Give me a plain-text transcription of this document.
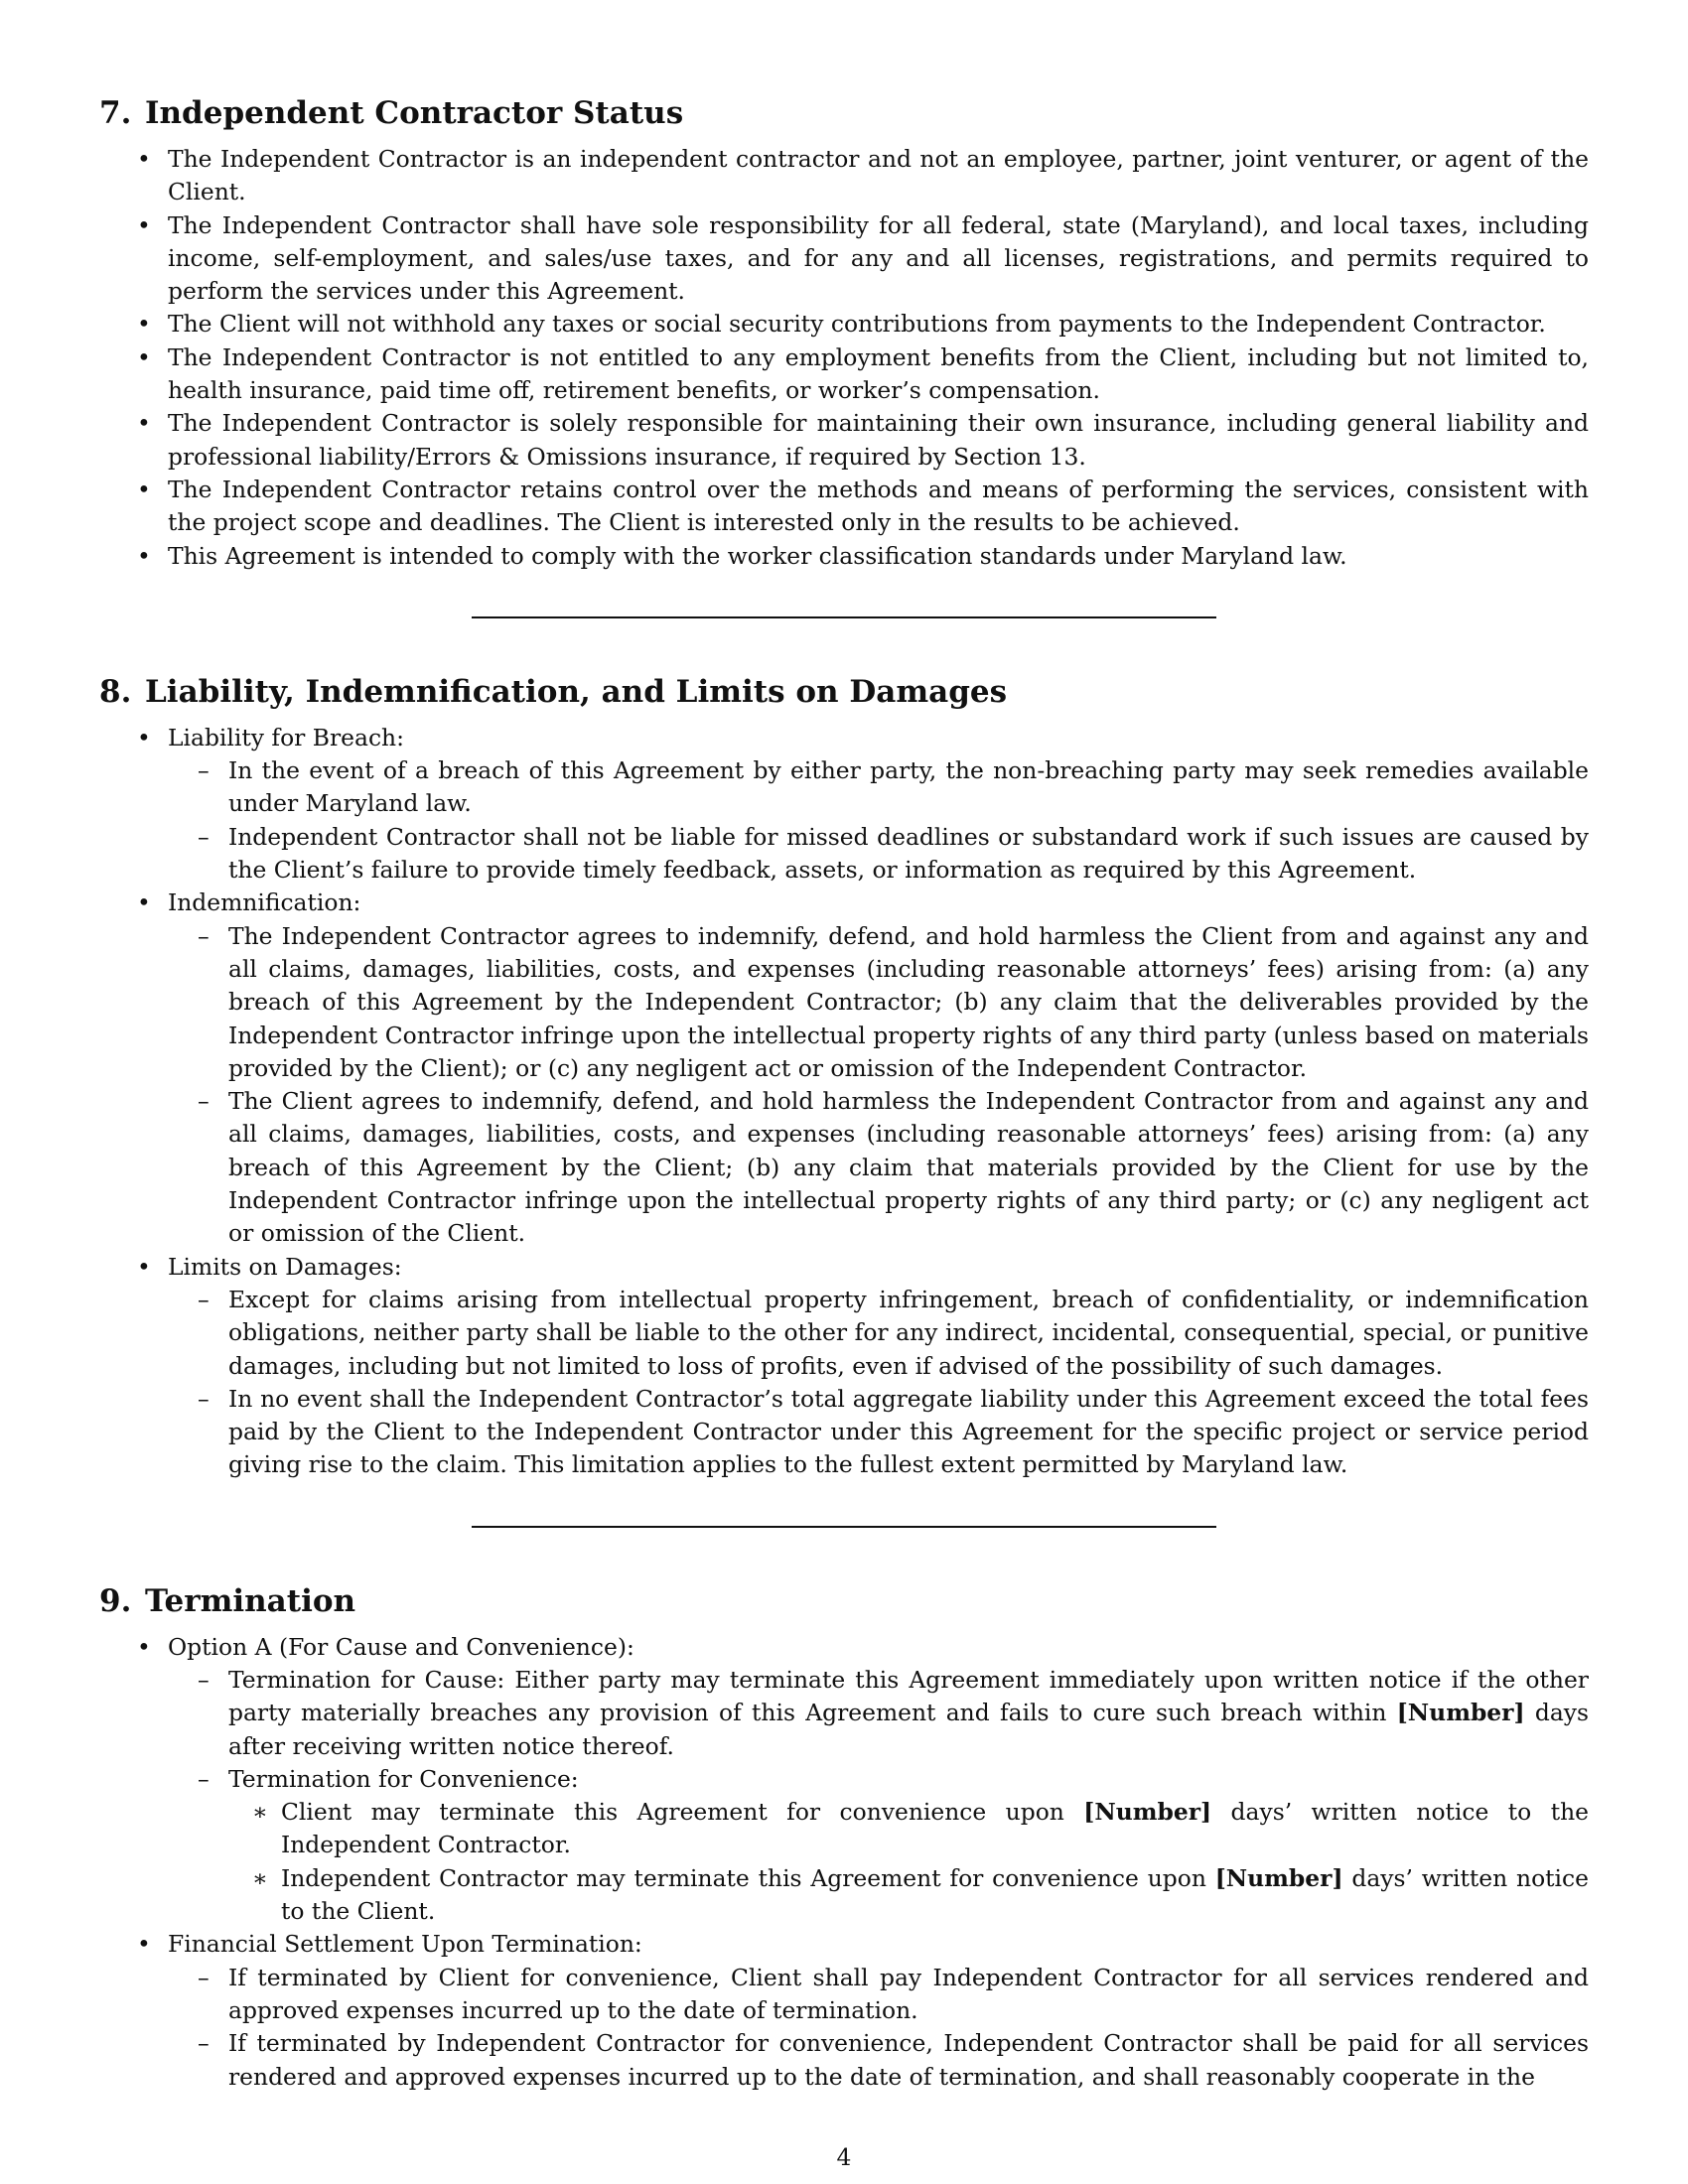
7. Independent Contractor Status
• The Independent Contractor is an independent contractor and not an employee, partner, joint venturer, or agent of the Client.
• The Independent Contractor shall have sole responsibility for all federal, state (Maryland), and local taxes, including income, self-employment, and sales/use taxes, and for any and all licenses, registrations, and permits required to perform the services under this Agreement.
• The Client will not withhold any taxes or social security contributions from payments to the Independent Contractor.
• The Independent Contractor is not entitled to any employment benefits from the Client, including but not limited to, health insurance, paid time off, retirement benefits, or worker’s compensation.
• The Independent Contractor is solely responsible for maintaining their own insurance, including general liability and professional liability/Errors & Omissions insurance, if required by Section 13.
• The Independent Contractor retains control over the methods and means of performing the services, consistent with the project scope and deadlines. The Client is interested only in the results to be achieved.
• This Agreement is intended to comply with the worker classification standards under Maryland law.
8. Liability, Indemnification, and Limits on Damages
• Liability for Breach:
– In the event of a breach of this Agreement by either party, the non-breaching party may seek remedies available under Maryland law.
– Independent Contractor shall not be liable for missed deadlines or substandard work if such issues are caused by the Client’s failure to provide timely feedback, assets, or information as required by this Agreement.
• Indemnification:
– The Independent Contractor agrees to indemnify, defend, and hold harmless the Client from and against any and all claims, damages, liabilities, costs, and expenses (including reasonable attorneys’ fees) arising from: (a) any breach of this Agreement by the Independent Contractor; (b) any claim that the deliverables provided by the Independent Contractor infringe upon the intellectual property rights of any third party (unless based on materials provided by the Client); or (c) any negligent act or omission of the Independent Contractor.
– The Client agrees to indemnify, defend, and hold harmless the Independent Contractor from and against any and all claims, damages, liabilities, costs, and expenses (including reasonable attorneys’ fees) arising from: (a) any breach of this Agreement by the Client; (b) any claim that materials provided by the Client for use by the Independent Contractor infringe upon the intellectual property rights of any third party; or (c) any negligent act or omission of the Client.
• Limits on Damages:
– Except for claims arising from intellectual property infringement, breach of confidentiality, or indemnification obligations, neither party shall be liable to the other for any indirect, incidental, consequential, special, or punitive damages, including but not limited to loss of profits, even if advised of the possibility of such damages.
– In no event shall the Independent Contractor’s total aggregate liability under this Agreement exceed the total fees paid by the Client to the Independent Contractor under this Agreement for the specific project or service period giving rise to the claim. This limitation applies to the fullest extent permitted by Maryland law.
9. Termination
• Option A (For Cause and Convenience):
– Termination for Cause: Either party may terminate this Agreement immediately upon written notice if the other party materially breaches any provision of this Agreement and fails to cure such breach within [Number] days after receiving written notice thereof.
– Termination for Convenience:
∗ Client may terminate this Agreement for convenience upon [Number] days’ written notice to the Independent Contractor.
∗ Independent Contractor may terminate this Agreement for convenience upon [Number] days’ written notice to the Client.
• Financial Settlement Upon Termination:
– If terminated by Client for convenience, Client shall pay Independent Contractor for all services rendered and approved expenses incurred up to the date of termination.
– If terminated by Independent Contractor for convenience, Independent Contractor shall be paid for all services rendered and approved expenses incurred up to the date of termination, and shall reasonably cooperate in the
4
